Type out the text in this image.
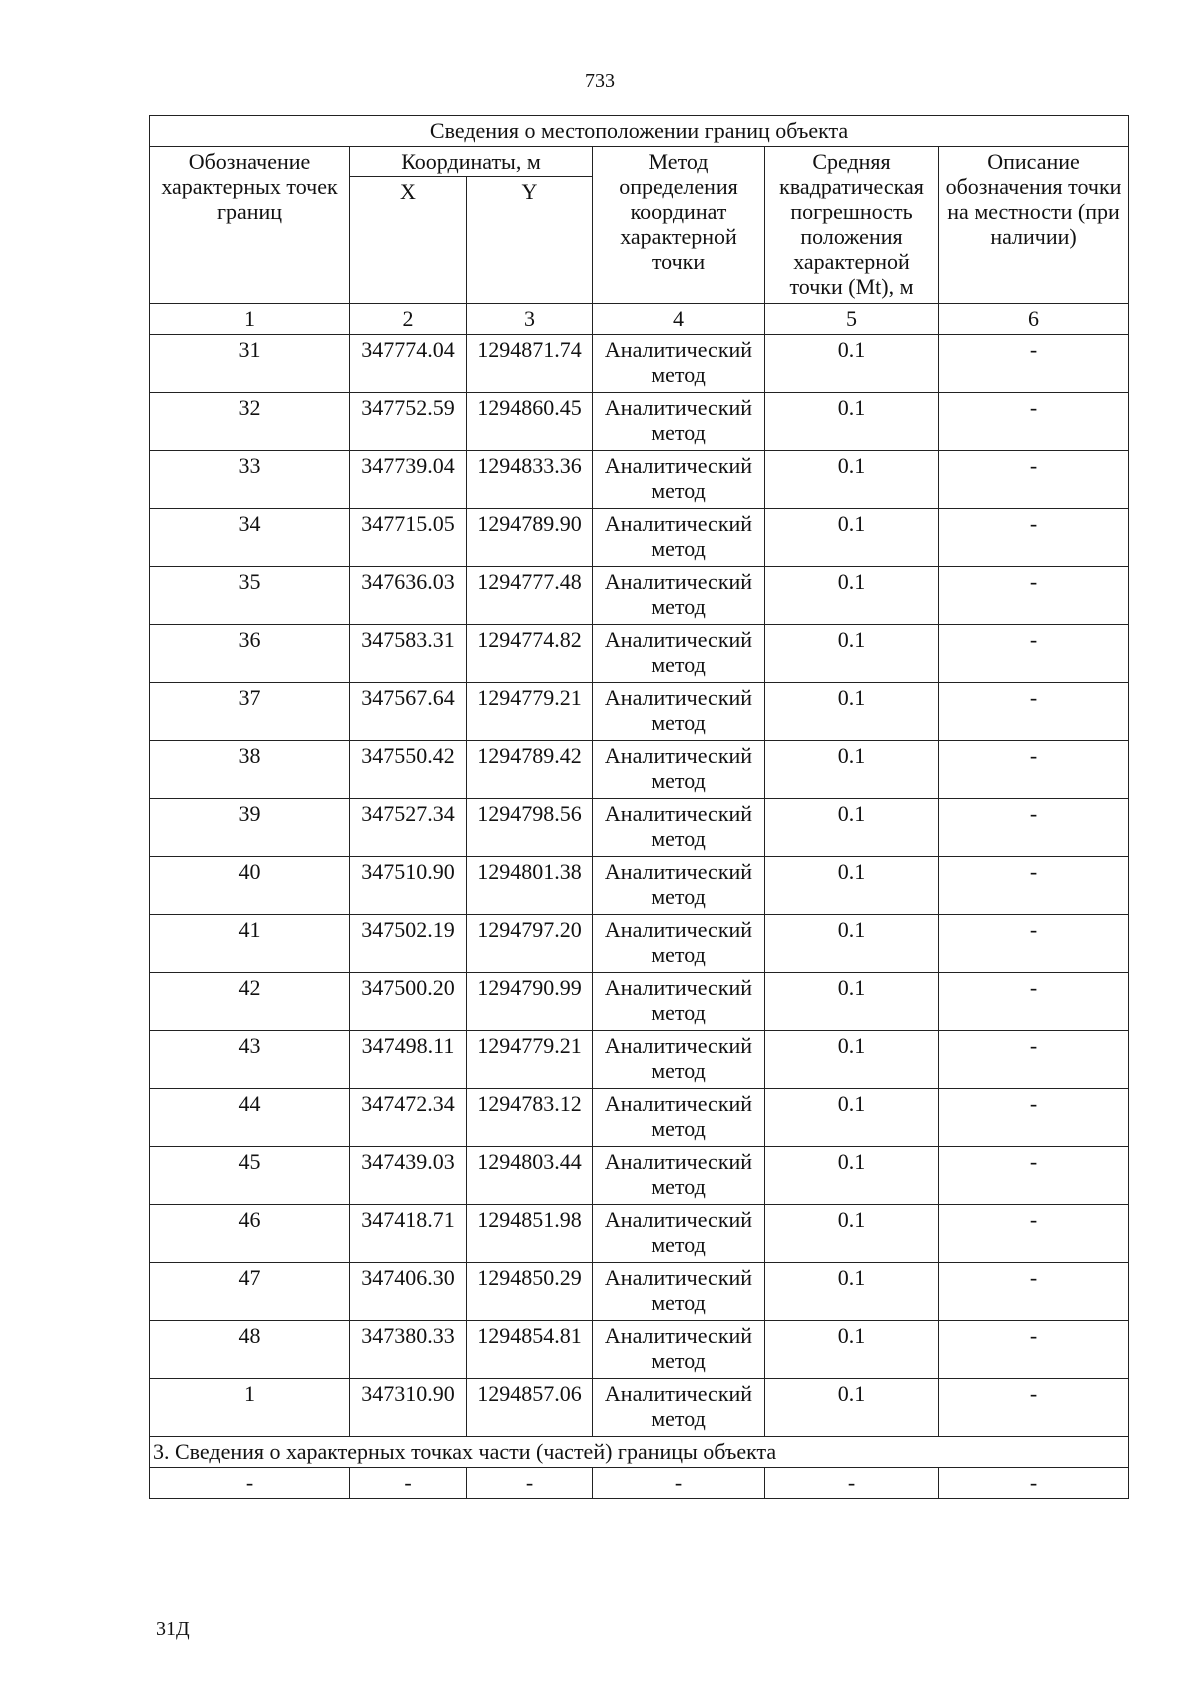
733
Сведения о местоположении границ объекта					
Обозначение характерных точек границ	Координаты, м		Метод определения координат характерной точки	Средняя квадратическая погрешность положения характерной точки (Mt), м	Описание обозначения точки на местности (при наличии)
	X	Y			
1	2	3	4	5	6
31	347774.04	1294871.74	Аналитический метод	0.1	-
32	347752.59	1294860.45	Аналитический метод	0.1	-
33	347739.04	1294833.36	Аналитический метод	0.1	-
34	347715.05	1294789.90	Аналитический метод	0.1	-
35	347636.03	1294777.48	Аналитический метод	0.1	-
36	347583.31	1294774.82	Аналитический метод	0.1	-
37	347567.64	1294779.21	Аналитический метод	0.1	-
38	347550.42	1294789.42	Аналитический метод	0.1	-
39	347527.34	1294798.56	Аналитический метод	0.1	-
40	347510.90	1294801.38	Аналитический метод	0.1	-
41	347502.19	1294797.20	Аналитический метод	0.1	-
42	347500.20	1294790.99	Аналитический метод	0.1	-
43	347498.11	1294779.21	Аналитический метод	0.1	-
44	347472.34	1294783.12	Аналитический метод	0.1	-
45	347439.03	1294803.44	Аналитический метод	0.1	-
46	347418.71	1294851.98	Аналитический метод	0.1	-
47	347406.30	1294850.29	Аналитический метод	0.1	-
48	347380.33	1294854.81	Аналитический метод	0.1	-
1	347310.90	1294857.06	Аналитический метод	0.1	-
3. Сведения о характерных точках части (частей) границы объекта					
-	-	-	-	-	-
31Д
